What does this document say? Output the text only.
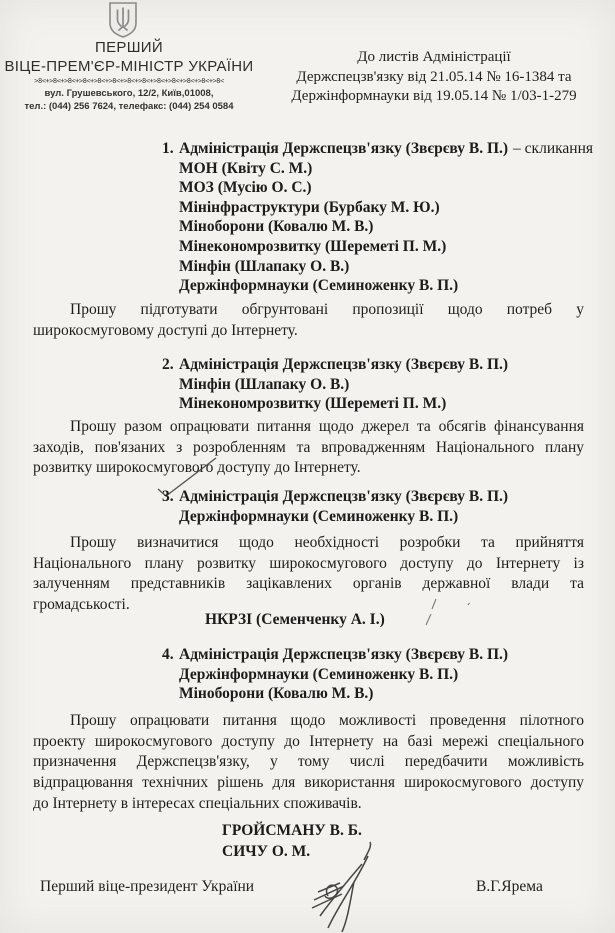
ПЕРШИЙ
ВІЦЕ-ПРЕМ'ЄР-МІНІСТР УКРАЇНИ
>8<+>8<+>8<+>8<+>8<+>8<+>8<+>8<+>8<+>8<+>8<+>8<+>8<
вул. Грушевського, 12/2, Київ,01008,
тел.: (044) 256 7624, телефакс: (044) 254 0584
До листів Адміністрації
Держспецзв'язку від 21.05.14 № 16-1384 та
Держінформнауки від 19.05.14 № 1/03-1-279
1. Адміністрація Держспецзв'язку (Звєрєву В. П.) – скликання
МОН (Квіту С. М.)
МОЗ (Мусію О. С.)
Мінінфраструктури (Бурбаку М. Ю.)
Міноборони (Ковалю М. В.)
Мінекономрозвитку (Шереметі П. М.)
Мінфін (Шлапаку О. В.)
Держінформнауки (Семиноженку В. П.)
Прошу підготувати обгрунтовані пропозиції щодо потреб у
широкосмуговому доступі до Інтернету.
2. Адміністрація Держспецзв'язку (Звєрєву В. П.)
Мінфін (Шлапаку О. В.)
Мінекономрозвитку (Шереметі П. М.)
Прошу разом опрацювати питання щодо джерел та обсягів фінансування
заходів, пов'язаних з розробленням та впровадженням Національного плану
розвитку широкосмугового доступу до Інтернету.
3. Адміністрація Держспецзв'язку (Звєрєву В. П.)
Держінформнауки (Семиноженку В. П.)
Прошу визначитися щодо необхідності розробки та прийняття
Національного плану розвитку широкосмугового доступу до Інтернету із
залученням представників зацікавлених органів державної влади та
громадськості.
НКРЗІ (Семенченку А. І.)
4. Адміністрація Держспецзв'язку (Звєрєву В. П.)
Держінформнауки (Семиноженку В. П.)
Міноборони (Ковалю М. В.)
Прошу опрацювати питання щодо можливості проведення пілотного
проекту широкосмугового доступу до Інтернету на базі мережі спеціального
призначення Держспецзв'язку, у тому числі передбачити можливість
відпрацювання технічних рішень для використання широкосмугового доступу
до Інтернету в інтересах спеціальних споживачів.
ГРОЙСМАНУ В. Б.
СИЧУ О. М.
Перший віце-президент України	В.Г.Ярема
